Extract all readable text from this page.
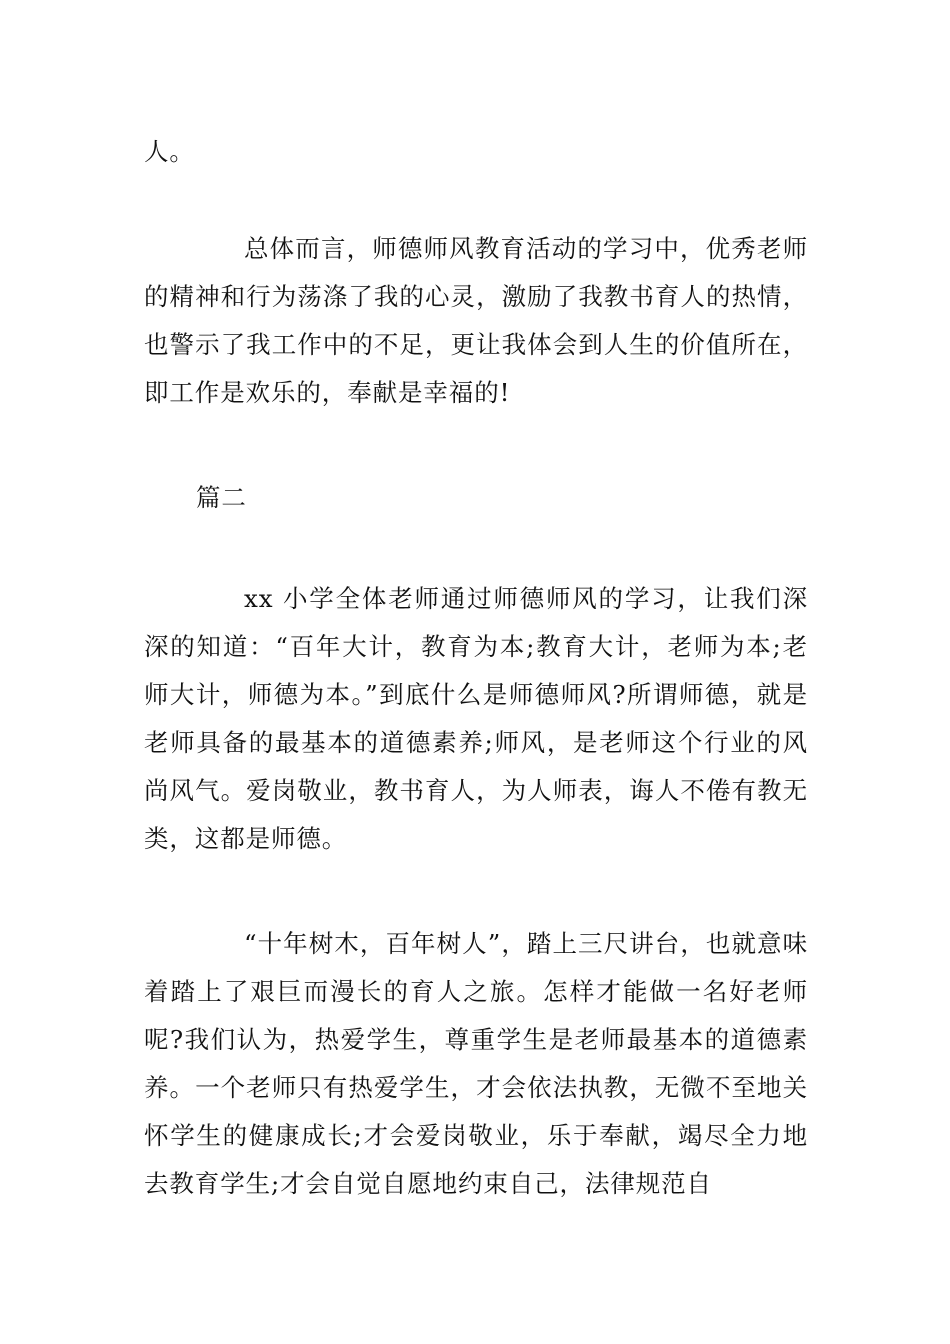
人。

总体而言，师德师风教育活动的学习中，优秀老师的精神和行为荡涤了我的心灵，激励了我教书育人的热情，也警示了我工作中的不足，更让我体会到人生的价值所在，即工作是欢乐的，奉献是幸福的!

篇二

xx 小学全体老师通过师德师风的学习，让我们深深的知道：“百年大计，教育为本;教育大计，老师为本;老师大计，师德为本。”到底什么是师德师风?所谓师德，就是老师具备的最基本的道德素养;师风，是老师这个行业的风尚风气。爱岗敬业，教书育人，为人师表，诲人不倦有教无类，这都是师德。

“十年树木，百年树人”，踏上三尺讲台，也就意味着踏上了艰巨而漫长的育人之旅。怎样才能做一名好老师呢?我们认为，热爱学生，尊重学生是老师最基本的道德素养。一个老师只有热爱学生，才会依法执教，无微不至地关怀学生的健康成长;才会爱岗敬业，乐于奉献，竭尽全力地去教育学生;才会自觉自愿地约束自己，法律规范自
